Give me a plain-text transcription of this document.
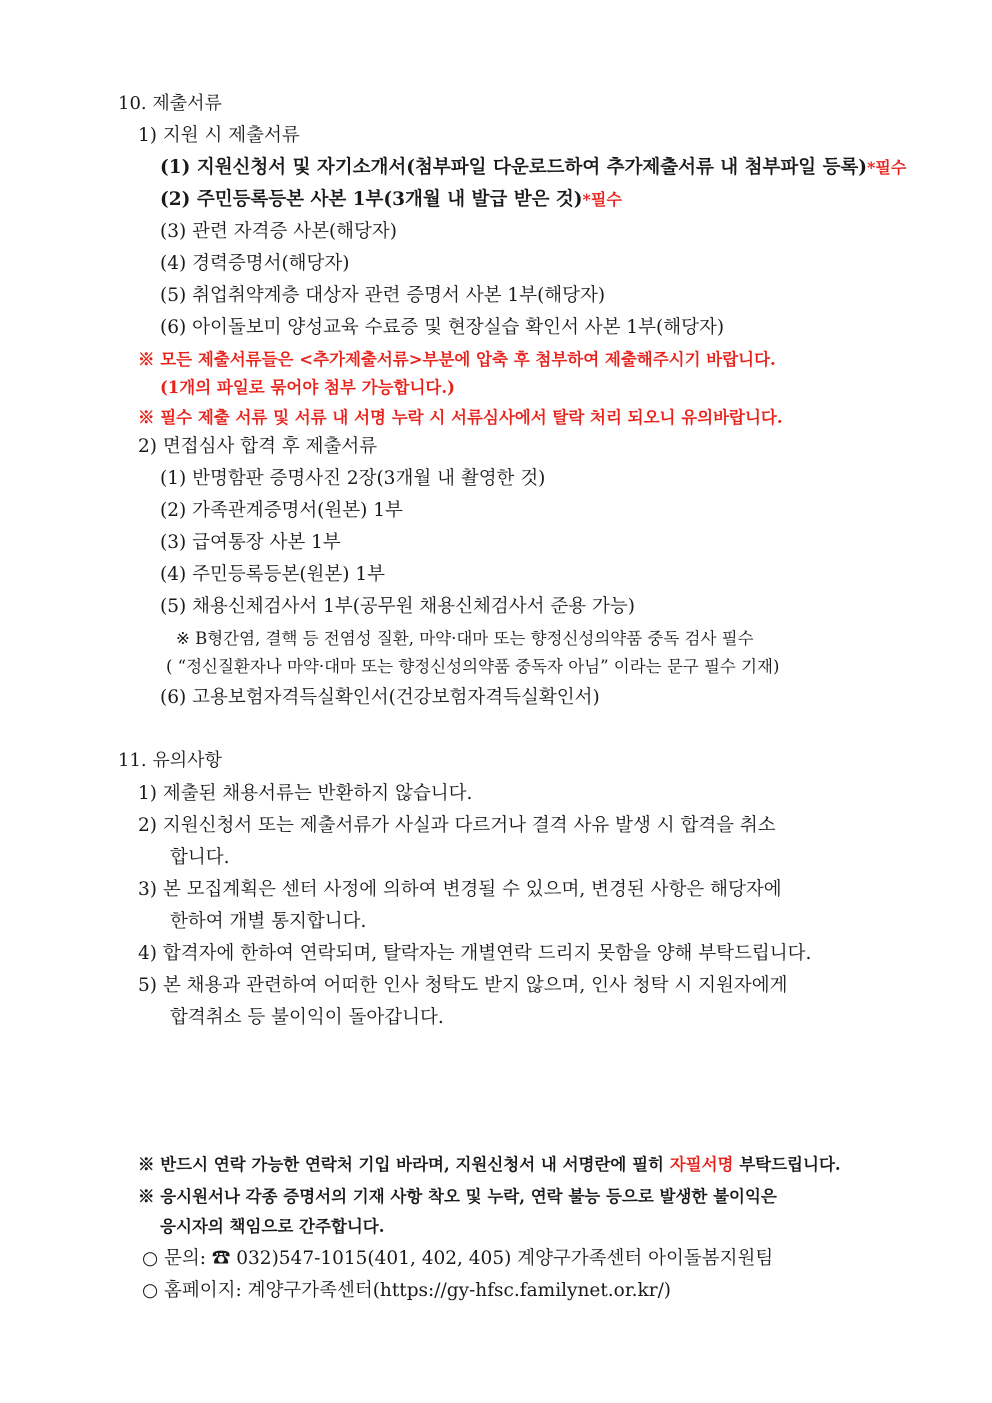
10. 제출서류
1) 지원 시 제출서류
(1) 지원신청서 및 자기소개서(첨부파일 다운로드하여 추가제출서류 내 첨부파일 등록)*필수
(2) 주민등록등본 사본 1부(3개월 내 발급 받은 것)*필수
(3) 관련 자격증 사본(해당자)
(4) 경력증명서(해당자)
(5) 취업취약계층 대상자 관련 증명서 사본 1부(해당자)
(6) 아이돌보미 양성교육 수료증 및 현장실습 확인서 사본 1부(해당자)
※ 모든 제출서류들은 <추가제출서류>부분에 압축 후 첨부하여 제출해주시기 바랍니다.
(1개의 파일로 묶어야 첨부 가능합니다.)
※ 필수 제출 서류 및 서류 내 서명 누락 시 서류심사에서 탈락 처리 되오니 유의바랍니다.
2) 면접심사 합격 후 제출서류
(1) 반명함판 증명사진 2장(3개월 내 촬영한 것)
(2) 가족관계증명서(원본) 1부
(3) 급여통장 사본 1부
(4) 주민등록등본(원본) 1부
(5) 채용신체검사서 1부(공무원 채용신체검사서 준용 가능)
※ B형간염, 결핵 등 전염성 질환, 마약·대마 또는 향정신성의약품 중독 검사 필수
( “정신질환자나 마약·대마 또는 향정신성의약품 중독자 아님” 이라는 문구 필수 기재)
(6) 고용보험자격득실확인서(건강보험자격득실확인서)
11. 유의사항
1) 제출된 채용서류는 반환하지 않습니다.
2) 지원신청서 또는 제출서류가 사실과 다르거나 결격 사유 발생 시 합격을 취소
합니다.
3) 본 모집계획은 센터 사정에 의하여 변경될 수 있으며, 변경된 사항은 해당자에
한하여 개별 통지합니다.
4) 합격자에 한하여 연락되며, 탈락자는 개별연락 드리지 못함을 양해 부탁드립니다.
5) 본 채용과 관련하여 어떠한 인사 청탁도 받지 않으며, 인사 청탁 시 지원자에게
합격취소 등 불이익이 돌아갑니다.
※ 반드시 연락 가능한 연락처 기입 바라며, 지원신청서 내 서명란에 필히 자필서명 부탁드립니다.
※ 응시원서나 각종 증명서의 기재 사항 착오 및 누락, 연락 불능 등으로 발생한 불이익은
응시자의 책임으로 간주합니다.
○ 문의: ☎ 032)547-1015(401, 402, 405) 계양구가족센터 아이돌봄지원팀
○ 홈페이지: 계양구가족센터(https://gy-hfsc.familynet.or.kr/)
